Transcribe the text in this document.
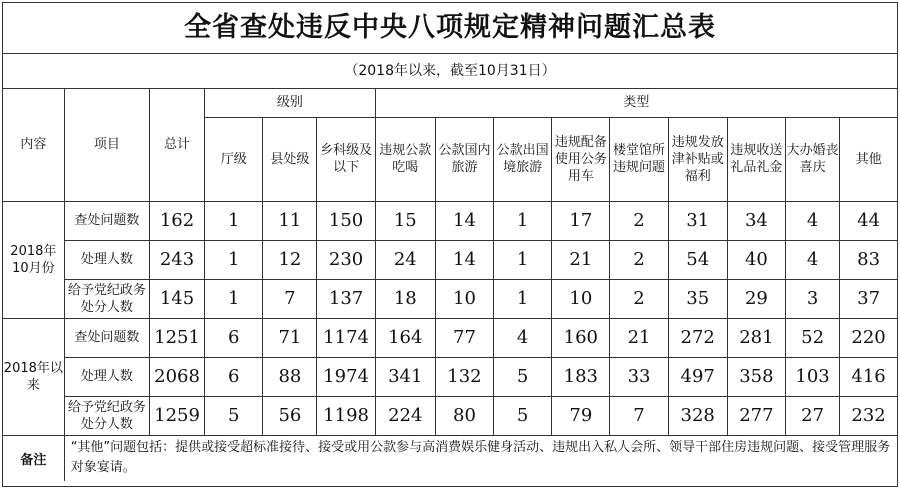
全省查处违反中央八项规定精神问题汇总表
（2018年以来，截至10月31日）
内容	项目	总计	级别			类型								
			厅级	县处级	乡科级及以下	违规公款吃喝	公款国内旅游	公款出国境旅游	违规配备使用公务用车	楼堂馆所违规问题	违规发放津补贴或福利	违规收送礼品礼金	大办婚丧喜庆	其他
2018年10月份	查处问题数	162	1	11	150	15	14	1	17	2	31	34	4	44
	处理人数	243	1	12	230	24	14	1	21	2	54	40	4	83
	给予党纪政务处分人数	145	1	7	137	18	10	1	10	2	35	29	3	37
2018年以来	查处问题数	1251	6	71	1174	164	77	4	160	21	272	281	52	220
	处理人数	2068	6	88	1974	341	132	5	183	33	497	358	103	416
	给予党纪政务处分人数	1259	5	56	1198	224	80	5	79	7	328	277	27	232
备注	“其他”问题包括：提供或接受超标准接待、接受或用公款参与高消费娱乐健身活动、违规出入私人会所、领导干部住房违规问题、接受管理服务对象宴请。													
